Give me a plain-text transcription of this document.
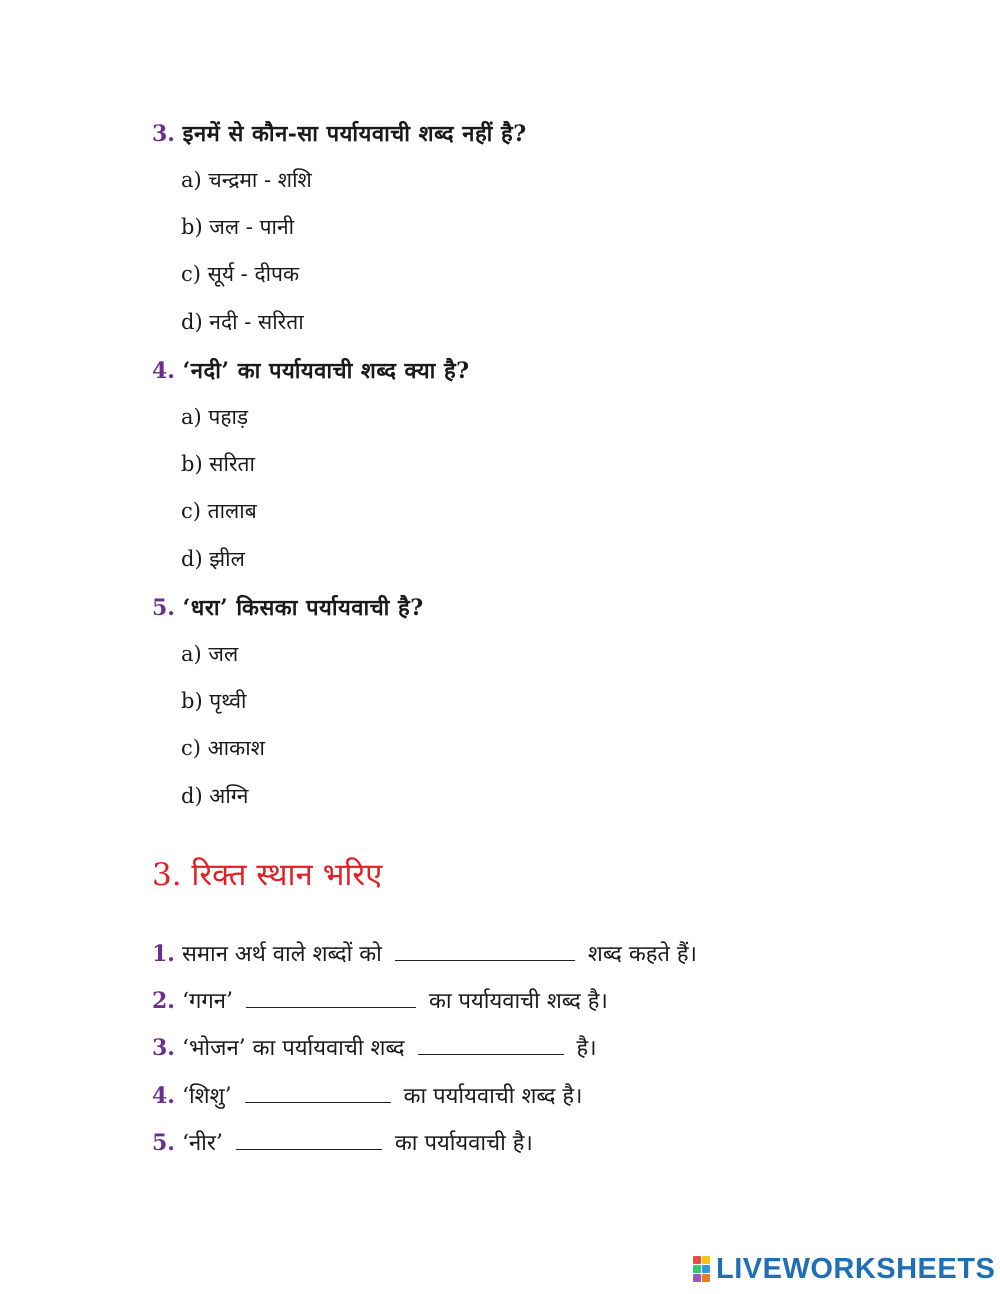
3. इनमें से कौन-सा पर्यायवाची शब्द नहीं है?
a) चन्द्रमा - शशि
b) जल - पानी
c) सूर्य - दीपक
d) नदी - सरिता
4. ‘नदी’ का पर्यायवाची शब्द क्या है?
a) पहाड़
b) सरिता
c) तालाब
d) झील
5. ‘धरा’ किसका पर्यायवाची है?
a) जल
b) पृथ्वी
c) आकाश
d) अग्नि
3. रिक्त स्थान भरिए
1. समान अर्थ वाले शब्दों को	शब्द कहते हैं।
2. ‘गगन’	का पर्यायवाची शब्द है।
3. ‘भोजन’ का पर्यायवाची शब्द	है।
4. ‘शिशु’	का पर्यायवाची शब्द है।
5. ‘नीर’	का पर्यायवाची है।
LIVEWORKSHEETS
